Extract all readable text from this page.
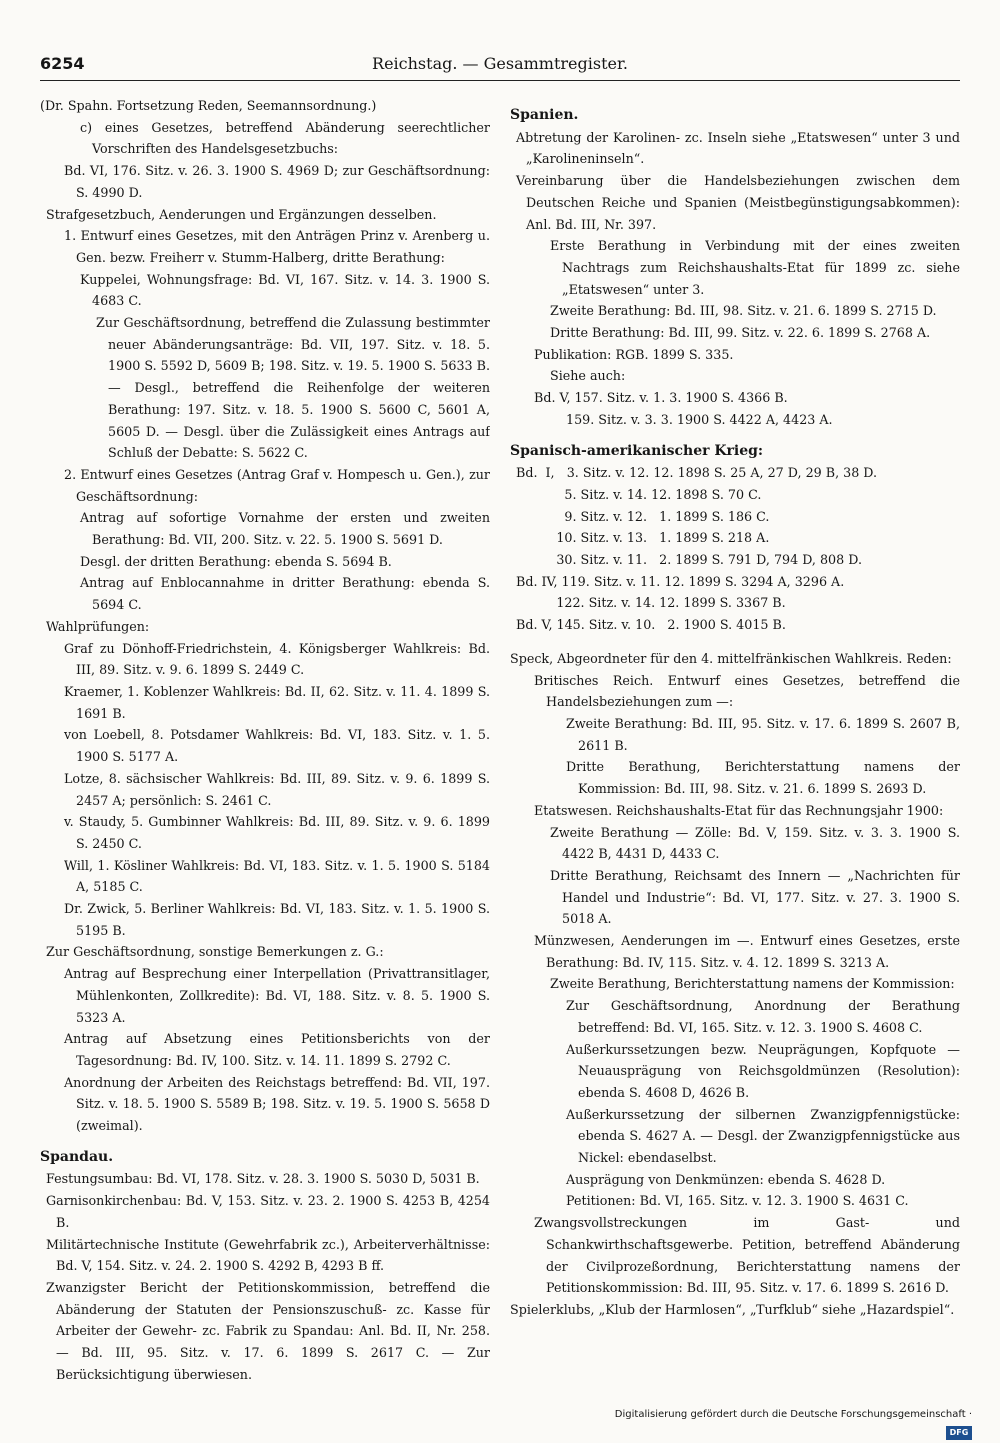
6254	Reichstag. — Gesammtregister.

(Dr. Spahn. Fortsetzung Reden, Seemannsordnung.)

c) eines Gesetzes, betreffend Abänderung seerechtlicher Vorschriften des Handelsgesetzbuchs:

Bd. VI, 176. Sitz. v. 26. 3. 1900 S. 4969 D; zur Geschäftsordnung: S. 4990 D.

Strafgesetzbuch, Aenderungen und Ergänzungen desselben.

1. Entwurf eines Gesetzes, mit den Anträgen Prinz v. Arenberg u. Gen. bezw. Freiherr v. Stumm-Halberg, dritte Berathung:

Kuppelei, Wohnungsfrage: Bd. VI, 167. Sitz. v. 14. 3. 1900 S. 4683 C.

Zur Geschäftsordnung, betreffend die Zulassung bestimmter neuer Abänderungsanträge: Bd. VII, 197. Sitz. v. 18. 5. 1900 S. 5592 D, 5609 B; 198. Sitz. v. 19. 5. 1900 S. 5633 B. — Desgl., betreffend die Reihenfolge der weiteren Berathung: 197. Sitz. v. 18. 5. 1900 S. 5600 C, 5601 A, 5605 D. — Desgl. über die Zulässigkeit eines Antrags auf Schluß der Debatte: S. 5622 C.

2. Entwurf eines Gesetzes (Antrag Graf v. Hompesch u. Gen.), zur Geschäftsordnung:

Antrag auf sofortige Vornahme der ersten und zweiten Berathung: Bd. VII, 200. Sitz. v. 22. 5. 1900 S. 5691 D.

Desgl. der dritten Berathung: ebenda S. 5694 B.

Antrag auf Enblocannahme in dritter Berathung: ebenda S. 5694 C.

Wahlprüfungen:

Graf zu Dönhoff-Friedrichstein, 4. Königsberger Wahlkreis: Bd. III, 89. Sitz. v. 9. 6. 1899 S. 2449 C.

Kraemer, 1. Koblenzer Wahlkreis: Bd. II, 62. Sitz. v. 11. 4. 1899 S. 1691 B.

von Loebell, 8. Potsdamer Wahlkreis: Bd. VI, 183. Sitz. v. 1. 5. 1900 S. 5177 A.

Lotze, 8. sächsischer Wahlkreis: Bd. III, 89. Sitz. v. 9. 6. 1899 S. 2457 A; persönlich: S. 2461 C.

v. Staudy, 5. Gumbinner Wahlkreis: Bd. III, 89. Sitz. v. 9. 6. 1899 S. 2450 C.

Will, 1. Kösliner Wahlkreis: Bd. VI, 183. Sitz. v. 1. 5. 1900 S. 5184 A, 5185 C.

Dr. Zwick, 5. Berliner Wahlkreis: Bd. VI, 183. Sitz. v. 1. 5. 1900 S. 5195 B.

Zur Geschäftsordnung, sonstige Bemerkungen z. G.:

Antrag auf Besprechung einer Interpellation (Privattransitlager, Mühlenkonten, Zollkredite): Bd. VI, 188. Sitz. v. 8. 5. 1900 S. 5323 A.

Antrag auf Absetzung eines Petitionsberichts von der Tagesordnung: Bd. IV, 100. Sitz. v. 14. 11. 1899 S. 2792 C.

Anordnung der Arbeiten des Reichstags betreffend: Bd. VII, 197. Sitz. v. 18. 5. 1900 S. 5589 B; 198. Sitz. v. 19. 5. 1900 S. 5658 D (zweimal).

Spandau.

Festungsumbau: Bd. VI, 178. Sitz. v. 28. 3. 1900 S. 5030 D, 5031 B.

Garnisonkirchenbau: Bd. V, 153. Sitz. v. 23. 2. 1900 S. 4253 B, 4254 B.

Militärtechnische Institute (Gewehrfabrik zc.), Arbeiterverhältnisse: Bd. V, 154. Sitz. v. 24. 2. 1900 S. 4292 B, 4293 B ff.

Zwanzigster Bericht der Petitionskommission, betreffend die Abänderung der Statuten der Pensionszuschuß- zc. Kasse für Arbeiter der Gewehr- zc. Fabrik zu Spandau: Anl. Bd. II, Nr. 258. — Bd. III, 95. Sitz. v. 17. 6. 1899 S. 2617 C. — Zur Berücksichtigung überwiesen.

Spanien.

Abtretung der Karolinen- zc. Inseln siehe „Etatswesen“ unter 3 und „Karolineninseln“.

Vereinbarung über die Handelsbeziehungen zwischen dem Deutschen Reiche und Spanien (Meistbegünstigungsabkommen): Anl. Bd. III, Nr. 397.

Erste Berathung in Verbindung mit der eines zweiten Nachtrags zum Reichshaushalts-Etat für 1899 zc. siehe „Etatswesen“ unter 3.

Zweite Berathung: Bd. III, 98. Sitz. v. 21. 6. 1899 S. 2715 D.

Dritte Berathung: Bd. III, 99. Sitz. v. 22. 6. 1899 S. 2768 A.

Publikation: RGB. 1899 S. 335.

Siehe auch:

Bd. V, 157. Sitz. v. 1. 3. 1900 S. 4366 B.

159. Sitz. v. 3. 3. 1900 S. 4422 A, 4423 A.

Spanisch-amerikanischer Krieg:

Bd.  I,   3. Sitz. v. 12. 12. 1898 S. 25 A, 27 D, 29 B, 38 D.

5. Sitz. v. 14. 12. 1898 S. 70 C.

9. Sitz. v. 12.   1. 1899 S. 186 C.

10. Sitz. v. 13.   1. 1899 S. 218 A.

30. Sitz. v. 11.   2. 1899 S. 791 D, 794 D, 808 D.

Bd. IV, 119. Sitz. v. 11. 12. 1899 S. 3294 A, 3296 A.

122. Sitz. v. 14. 12. 1899 S. 3367 B.

Bd. V, 145. Sitz. v. 10.   2. 1900 S. 4015 B.

Speck, Abgeordneter für den 4. mittelfränkischen Wahlkreis. Reden:

Britisches Reich. Entwurf eines Gesetzes, betreffend die Handelsbeziehungen zum —:

Zweite Berathung: Bd. III, 95. Sitz. v. 17. 6. 1899 S. 2607 B, 2611 B.

Dritte Berathung, Berichterstattung namens der Kommission: Bd. III, 98. Sitz. v. 21. 6. 1899 S. 2693 D.

Etatswesen. Reichshaushalts-Etat für das Rechnungsjahr 1900:

Zweite Berathung — Zölle: Bd. V, 159. Sitz. v. 3. 3. 1900 S. 4422 B, 4431 D, 4433 C.

Dritte Berathung, Reichsamt des Innern — „Nachrichten für Handel und Industrie“: Bd. VI, 177. Sitz. v. 27. 3. 1900 S. 5018 A.

Münzwesen, Aenderungen im —. Entwurf eines Gesetzes, erste Berathung: Bd. IV, 115. Sitz. v. 4. 12. 1899 S. 3213 A.

Zweite Berathung, Berichterstattung namens der Kommission:

Zur Geschäftsordnung, Anordnung der Berathung betreffend: Bd. VI, 165. Sitz. v. 12. 3. 1900 S. 4608 C.

Außerkurssetzungen bezw. Neuprägungen, Kopfquote — Neuausprägung von Reichsgoldmünzen (Resolution): ebenda S. 4608 D, 4626 B.

Außerkurssetzung der silbernen Zwanzigpfennigstücke: ebenda S. 4627 A. — Desgl. der Zwanzigpfennigstücke aus Nickel: ebendaselbst.

Ausprägung von Denkmünzen: ebenda S. 4628 D.

Petitionen: Bd. VI, 165. Sitz. v. 12. 3. 1900 S. 4631 C.

Zwangsvollstreckungen im Gast- und Schankwirthschaftsgewerbe. Petition, betreffend Abänderung der Civilprozeßordnung, Berichterstattung namens der Petitionskommission: Bd. III, 95. Sitz. v. 17. 6. 1899 S. 2616 D.

Spielerklubs, „Klub der Harmlosen“, „Turfklub“ siehe „Hazardspiel“.

Digitalisierung gefördert durch die Deutsche Forschungsgemeinschaft · DFG
